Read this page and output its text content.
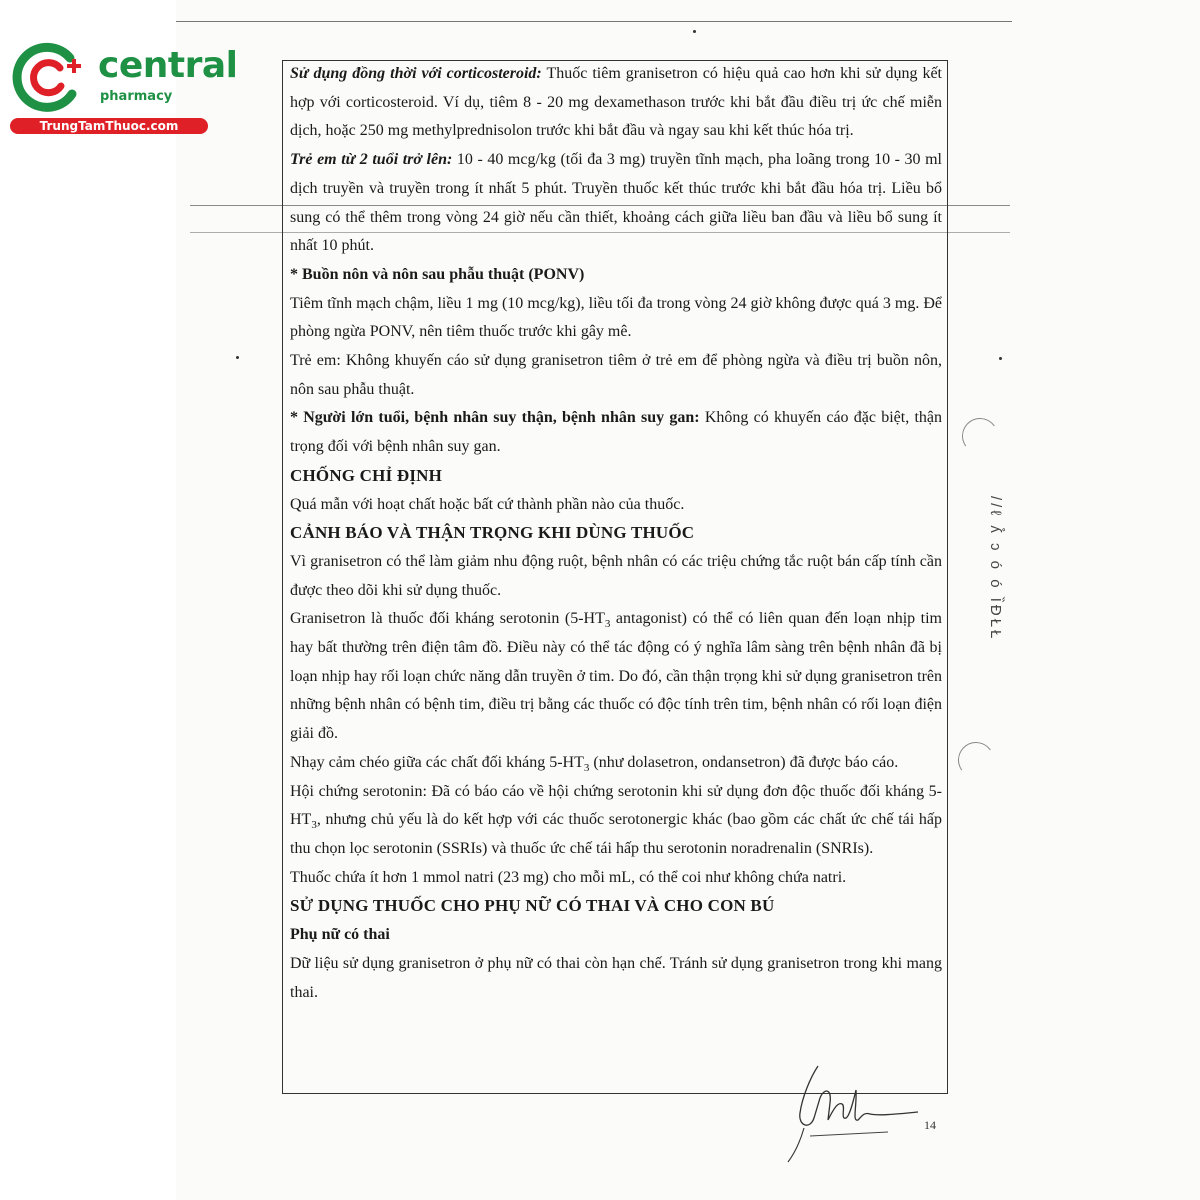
central
pharmacy
TrungTamThuoc.com

Sử dụng đồng thời với corticosteroid: Thuốc tiêm granisetron có hiệu quả cao hơn khi sử dụng kết hợp với corticosteroid. Ví dụ, tiêm 8 - 20 mg dexamethason trước khi bắt đầu điều trị ức chế miễn dịch, hoặc 250 mg methylprednisolon trước khi bắt đầu và ngay sau khi kết thúc hóa trị.

Trẻ em từ 2 tuổi trở lên: 10 - 40 mcg/kg (tối đa 3 mg) truyền tĩnh mạch, pha loãng trong 10 - 30 ml dịch truyền và truyền trong ít nhất 5 phút. Truyền thuốc kết thúc trước khi bắt đầu hóa trị. Liều bổ sung có thể thêm trong vòng 24 giờ nếu cần thiết, khoảng cách giữa liều ban đầu và liều bổ sung ít nhất 10 phút.

* Buồn nôn và nôn sau phẫu thuật (PONV)

Tiêm tĩnh mạch chậm, liều 1 mg (10 mcg/kg), liều tối đa trong vòng 24 giờ không được quá 3 mg. Để phòng ngừa PONV, nên tiêm thuốc trước khi gây mê.

Trẻ em: Không khuyến cáo sử dụng granisetron tiêm ở trẻ em để phòng ngừa và điều trị buồn nôn, nôn sau phẫu thuật.

* Người lớn tuổi, bệnh nhân suy thận, bệnh nhân suy gan: Không có khuyến cáo đặc biệt, thận trọng đối với bệnh nhân suy gan.

CHỐNG CHỈ ĐỊNH

Quá mẫn với hoạt chất hoặc bất cứ thành phần nào của thuốc.

CẢNH BÁO VÀ THẬN TRỌNG KHI DÙNG THUỐC

Vì granisetron có thể làm giảm nhu động ruột, bệnh nhân có các triệu chứng tắc ruột bán cấp tính cần được theo dõi khi sử dụng thuốc.

Granisetron là thuốc đối kháng serotonin ($5-HT_3$ antagonist) có thể có liên quan đến loạn nhịp tim hay bất thường trên điện tâm đồ. Điều này có thể tác động có ý nghĩa lâm sàng trên bệnh nhân đã bị loạn nhịp hay rối loạn chức năng dẫn truyền ở tim. Do đó, cần thận trọng khi sử dụng granisetron trên những bệnh nhân có bệnh tim, điều trị bằng các thuốc có độc tính trên tim, bệnh nhân có rối loạn điện giải đồ.

Nhạy cảm chéo giữa các chất đối kháng $5-HT_3$ (như dolasetron, ondansetron) đã được báo cáo.

Hội chứng serotonin: Đã có báo cáo về hội chứng serotonin khi sử dụng đơn độc thuốc đối kháng $5-HT_3$, nhưng chủ yếu là do kết hợp với các thuốc serotonergic khác (bao gồm các chất ức chế tái hấp thu chọn lọc serotonin (SSRIs) và thuốc ức chế tái hấp thu serotonin noradrenalin (SNRIs).

Thuốc chứa ít hơn 1 mmol natri (23 mg) cho mỗi mL, có thể coi như không chứa natri.

SỬ DỤNG THUỐC CHO PHỤ NỮ CÓ THAI VÀ CHO CON BÚ

Phụ nữ có thai

Dữ liệu sử dụng granisetron ở phụ nữ có thai còn hạn chế. Tránh sử dụng granisetron trong khi mang thai.

//ℓ ʎ̊ ɔ ó ó ȈÐŁŁ
14
